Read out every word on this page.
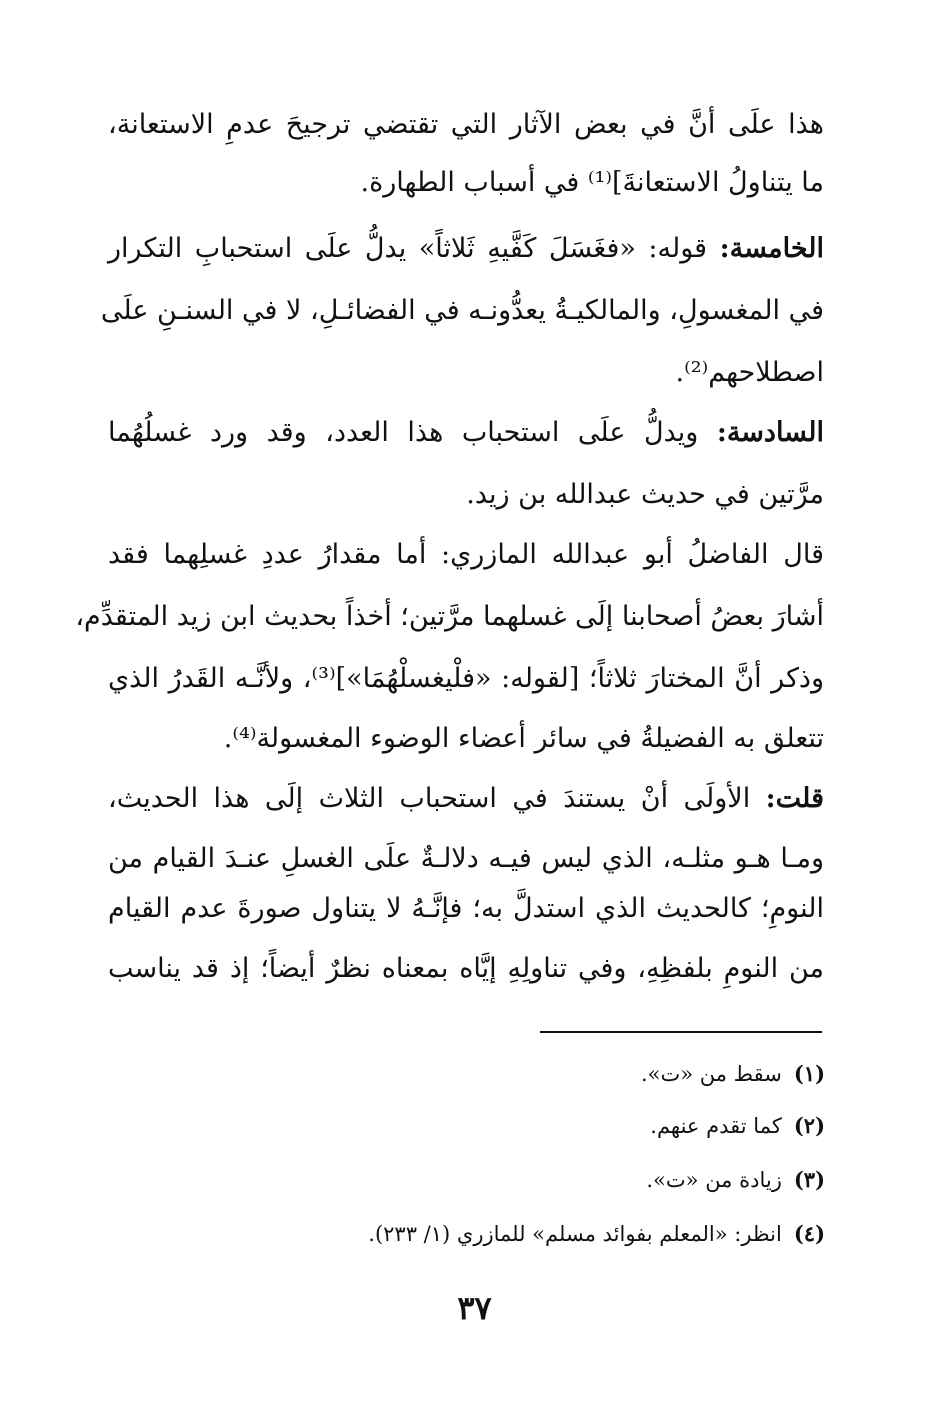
هذا علَى أنَّ في بعض الآثار التي تقتضي ترجيحَ عدمِ الاستعانة،
ما يتناولُ الاستعانةَ]⁽¹⁾ في أسباب الطهارة.
الخامسة: قوله: «فغَسَلَ كَفَّيهِ ثَلاثاً» يدلُّ علَى استحبابِ التكرار
في المغسولِ، والمالكيـةُ يعدُّونـه في الفضائـلِ، لا في السنـنِ علَى
اصطلاحهم⁽²⁾.
السادسة: ويدلُّ علَى استحباب هذا العدد، وقد ورد غسلُهُما
مرَّتين في حديث عبدالله بن زيد.
قال الفاضلُ أبو عبدالله المازري: أما مقدارُ عددِ غسلِهما فقد
أشارَ بعضُ أصحابنا إلَى غسلهما مرَّتين؛ أخذاً بحديث ابن زيد المتقدِّم،
وذكر أنَّ المختارَ ثلاثاً؛ [لقوله: «فلْيغسلْهُمَا»]⁽³⁾، ولأنَّـه القَدرُ الذي
تتعلق به الفضيلةُ في سائر أعضاء الوضوء المغسولة⁽⁴⁾.
قلت: الأولَى أنْ يستندَ في استحباب الثلاث إلَى هذا الحديث،
ومـا هـو مثلـه، الذي ليس فيـه دلالـةٌ علَى الغسلِ عنـدَ القيام من
النومِ؛ كالحديث الذي استدلَّ به؛ فإنَّـهُ لا يتناول صورةَ عدم القيام
من النومِ بلفظِهِ، وفي تناولِهِ إيَّاه بمعناه نظرٌ أيضاً؛ إذ قد يناسب
(١)سقط من «ت».
(٢)كما تقدم عنهم.
(٣)زيادة من «ت».
(٤)انظر: «المعلم بفوائد مسلم» للمازري (١/ ٢٣٣).
٣٧
